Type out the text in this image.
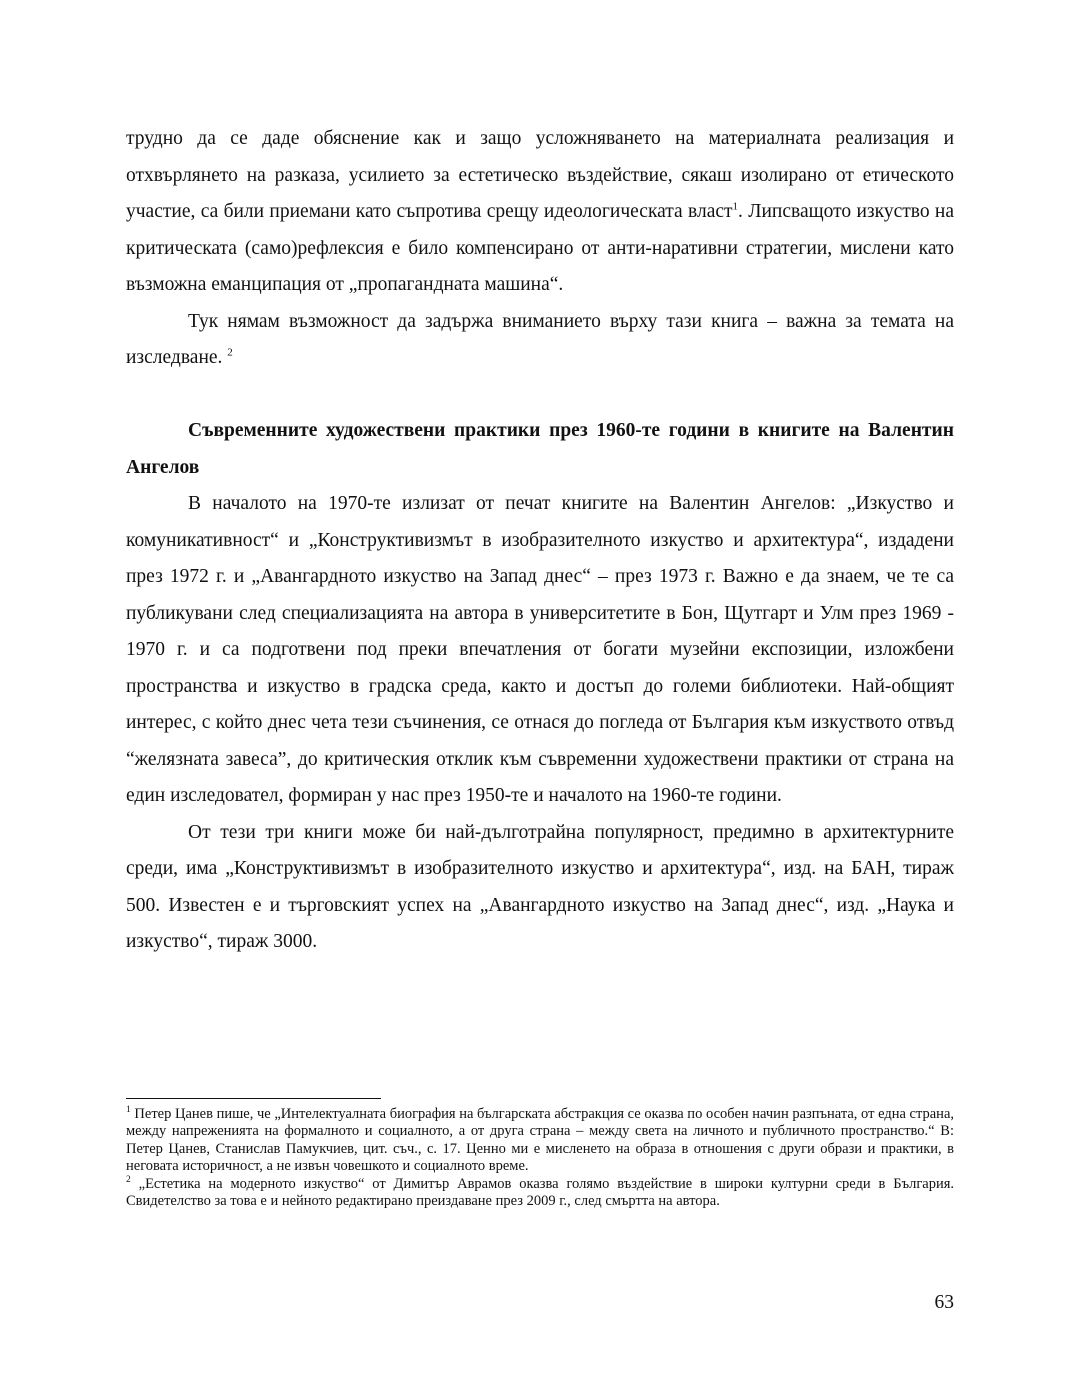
трудно да се даде обяснение как и защо усложняването на материалната реализация и отхвърлянето на разказа, усилието за естетическо въздействие, сякаш изолирано от етическото участие, са били приемани като съпротива срещу идеологическата власт$^1$. Липсващото изкуство на критическата (само)рефлексия е било компенсирано от анти-наративни стратегии, мислени като възможна еманципация от „пропагандната машина“.

Тук нямам възможност да задържа вниманието върху тази книга – важна за темата на изследване. $^2$

Съвременните художествени практики през 1960-те години в книгите на Валентин Ангелов

В началото на 1970-те излизат от печат книгите на Валентин Ангелов: „Изкуство и комуникативност“ и „Конструктивизмът в изобразителното изкуство и архитектура“, издадени през 1972 г. и „Авангардното изкуство на Запад днес“ – през 1973 г. Важно е да знаем, че те са публикувани след специализацията на автора в университетите в Бон, Щутгарт и Улм през 1969 - 1970 г. и са подготвени под преки впечатления от богати музейни експозиции, изложбени пространства и изкуство в градска среда, както и достъп до големи библиотеки. Най-общият интерес, с който днес чета тези съчинения, се отнася до погледа от България към изкуството отвъд “желязната завеса”, до критическия отклик към съвременни художествени практики от страна на един изследовател, формиран у нас през 1950-те и началото на 1960-те години.

От тези три книги може би най-дълготрайна популярност, предимно в архитектурните среди, има „Конструктивизмът в изобразителното изкуство и архитектура“, изд. на БАН, тираж 500. Известен е и търговският успех на „Авангардното изкуство на Запад днес“, изд. „Наука и изкуство“, тираж 3000.

$^1$ Петер Цанев пише, че „Интелектуалната биография на българската абстракция се оказва по особен начин разпъната, от една страна, между напреженията на формалното и социалното, а от друга страна – между света на личното и публичното пространство.“ В: Петер Цанев, Станислав Памукчиев, цит. съч., с. 17. Ценно ми е мисленето на образа в отношения с други образи и практики, в неговата историчност, а не извън човешкото и социалното време.

$^2$ „Естетика на модерното изкуство“ от Димитър Аврамов оказва голямо въздействие в широки културни среди в България. Свидетелство за това е и нейното редактирано преиздаване през 2009 г., след смъртта на автора.

63
